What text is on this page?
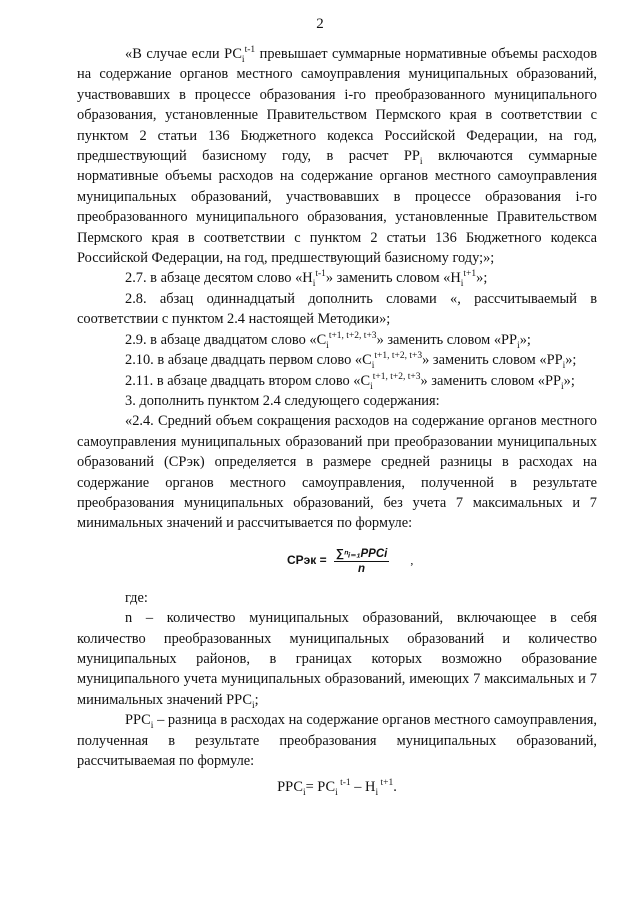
2

«В случае если $РС_i^{t-1}$ превышает суммарные нормативные объемы расходов на содержание органов местного самоуправления муниципальных образований, участвовавших в процессе образования i-го преобразованного муниципального образования, установленные Правительством Пермского края в соответствии с пунктом 2 статьи 136 Бюджетного кодекса Российской Федерации, на год, предшествующий базисному году, в расчет $РР_i$ включаются суммарные нормативные объемы расходов на содержание органов местного самоуправления муниципальных образований, участвовавших в процессе образования i-го преобразованного муниципального образования, установленные Правительством Пермского края в соответствии с пунктом 2 статьи 136 Бюджетного кодекса Российской Федерации, на год, предшествующий базисному году;»;

2.7. в абзаце десятом слово «$Н_i^{t-1}$» заменить словом «$Н_i^{t+1}$»;

2.8. абзац одиннадцатый дополнить словами «, рассчитываемый в соответствии с пунктом 2.4 настоящей Методики»;

2.9. в абзаце двадцатом слово «$С_i^{t+1, t+2, t+3}$» заменить словом «$РР_i$»;

2.10. в абзаце двадцать первом слово «$С_i^{t+1, t+2, t+3}$» заменить словом «$РР_i$»;

2.11. в абзаце двадцать втором слово «$С_i^{t+1, t+2, t+3}$» заменить словом «$РР_i$»;

3. дополнить пунктом 2.4 следующего содержания:

«2.4. Средний объем сокращения расходов на содержание органов местного самоуправления муниципальных образований при преобразовании муниципальных образований (СРэк) определяется в размере средней разницы в расходах на содержание органов местного самоуправления, полученной в результате преобразования муниципальных образований, без учета 7 максимальных и 7 минимальных значений и рассчитывается по формуле:

СРэк = $\frac{\text{∑ⁿᵢ₌₁PPCi}}{n}$ ,

где:

n – количество муниципальных образований, включающее в себя количество преобразованных муниципальных образований и количество муниципальных районов, в границах которых возможно образование муниципального учета муниципальных образований, имеющих 7 максимальных и 7 минимальных значений $РРС_i$;

$РРС_i$ – разница в расходах на содержание органов местного самоуправления, полученная в результате преобразования муниципальных образований, рассчитываемая по формуле:

$РРС_i= РС_i$ $^{t-1} - Н_i$ $^{t+1}$.
